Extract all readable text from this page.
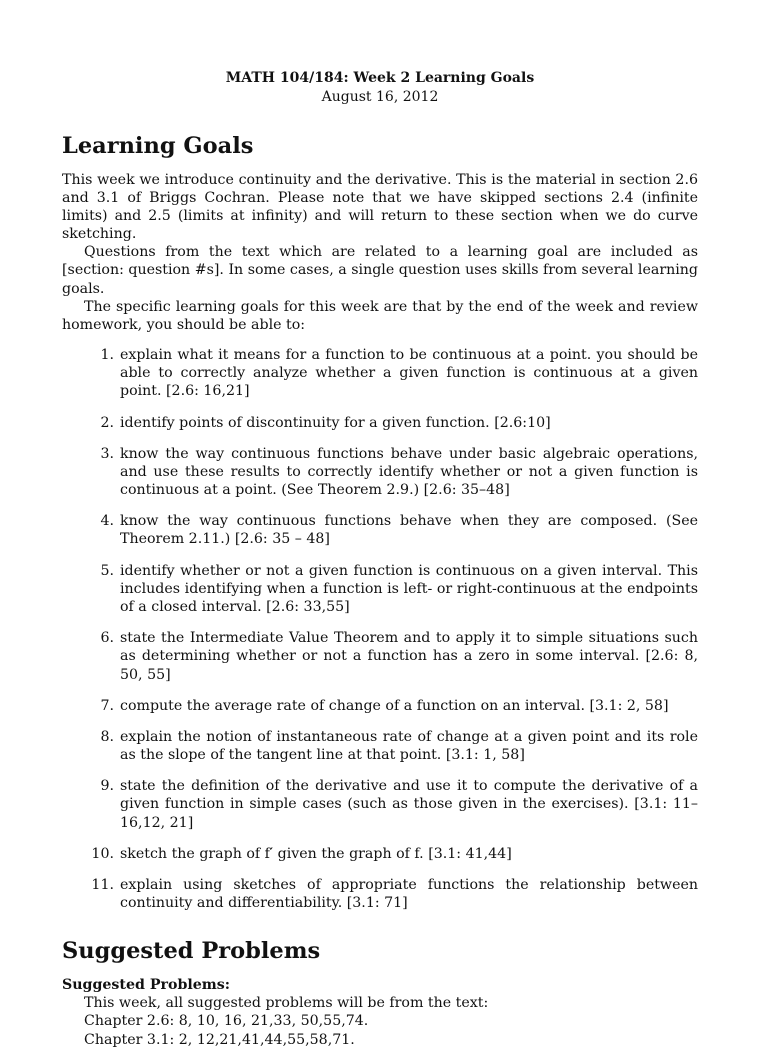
MATH 104/184: Week 2 Learning Goals
August 16, 2012
Learning Goals

This week we introduce continuity and the derivative. This is the material in section 2.6 and 3.1 of Briggs Cochran. Please note that we have skipped sections 2.4 (infinite limits) and 2.5 (limits at infinity) and will return to these section when we do curve sketching.

Questions from the text which are related to a learning goal are included as [section: question #s]. In some cases, a single question uses skills from several learning goals.

The specific learning goals for this week are that by the end of the week and review homework, you should be able to:

1. explain what it means for a function to be continuous at a point. you should be able to correctly analyze whether a given function is continuous at a given point. [2.6: 16,21]
2. identify points of discontinuity for a given function. [2.6:10]
3. know the way continuous functions behave under basic algebraic operations, and use these results to correctly identify whether or not a given function is continuous at a point. (See Theorem 2.9.) [2.6: 35–48]
4. know the way continuous functions behave when they are composed. (See Theorem 2.11.) [2.6: 35 – 48]
5. identify whether or not a given function is continuous on a given interval. This includes identifying when a function is left- or right-continuous at the endpoints of a closed interval. [2.6: 33,55]
6. state the Intermediate Value Theorem and to apply it to simple situations such as determining whether or not a function has a zero in some interval. [2.6: 8, 50, 55]
7. compute the average rate of change of a function on an interval. [3.1: 2, 58]
8. explain the notion of instantaneous rate of change at a given point and its role as the slope of the tangent line at that point. [3.1: 1, 58]
9. state the definition of the derivative and use it to compute the derivative of a given function in simple cases (such as those given in the exercises). [3.1: 11– 16,12, 21]
10. sketch the graph of f′ given the graph of f. [3.1: 41,44]
11. explain using sketches of appropriate functions the relationship between continuity and differentiability. [3.1: 71]
Suggested Problems
Suggested Problems:
This week, all suggested problems will be from the text:
Chapter 2.6: 8, 10, 16, 21,33, 50,55,74.
Chapter 3.1: 2, 12,21,41,44,55,58,71.
